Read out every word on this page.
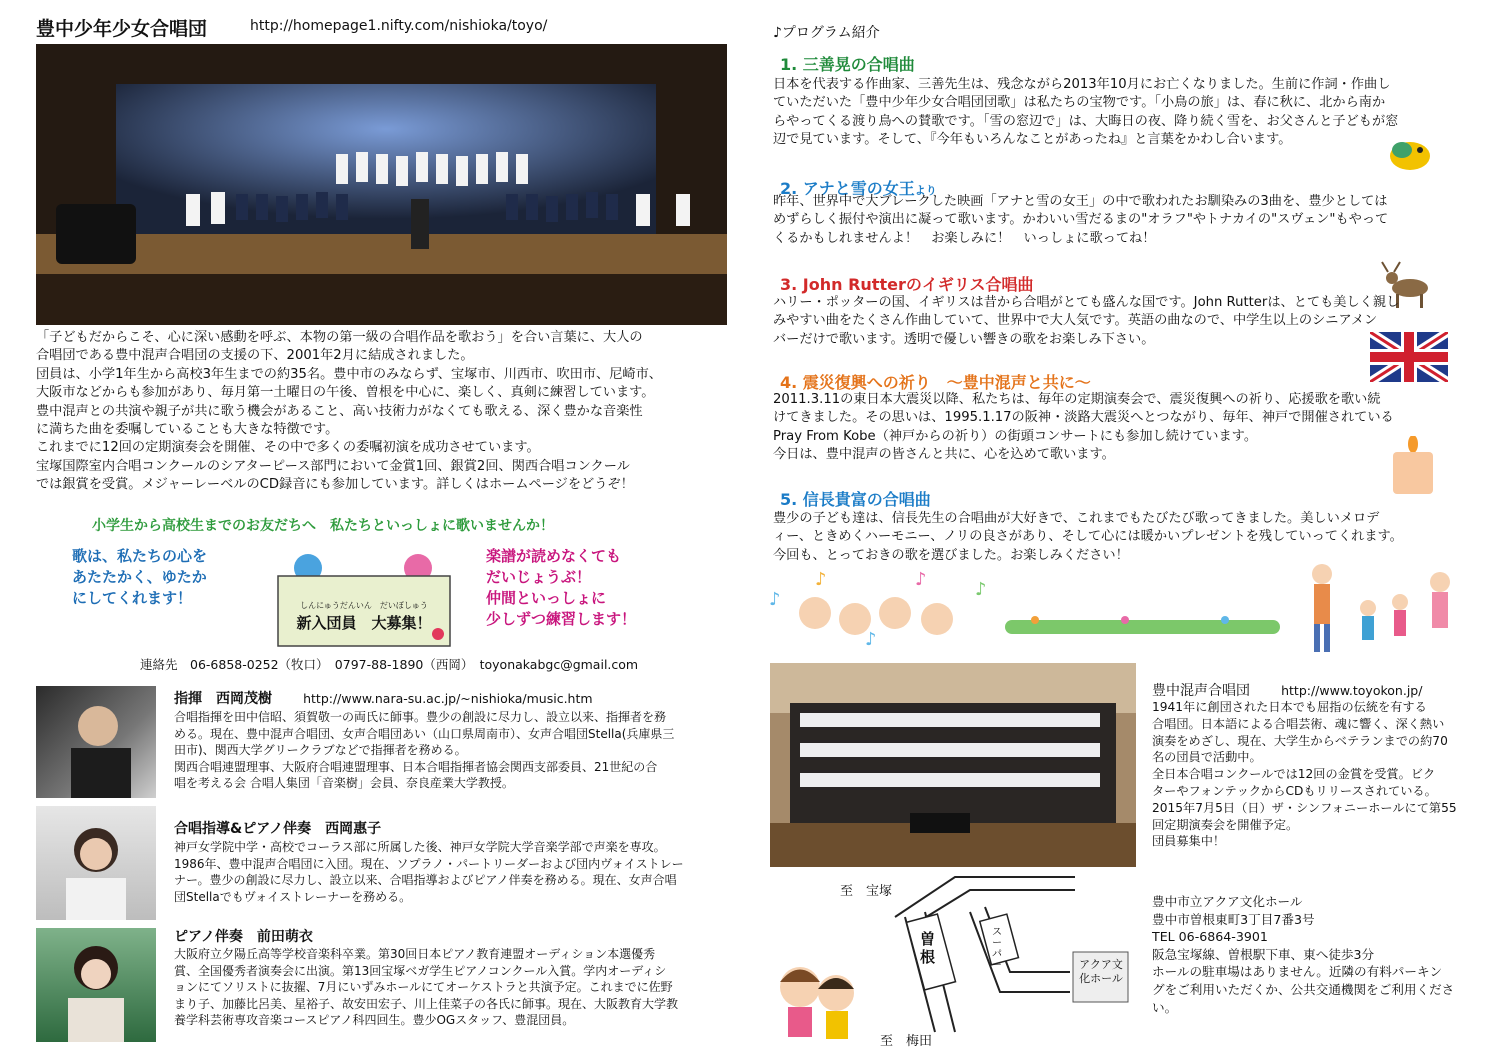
豊中少年少女合唱団	http://homepage1.nifty.com/nishioka/toyo/
「子どもだからこそ、心に深い感動を呼ぶ、本物の第一級の合唱作品を歌おう」を合い言葉に、大人の
合唱団である豊中混声合唱団の支援の下、2001年2月に結成されました。
団員は、小学1年生から高校3年生までの約35名。豊中市のみならず、宝塚市、川西市、吹田市、尼崎市、
大阪市などからも参加があり、毎月第一土曜日の午後、曽根を中心に、楽しく、真剣に練習しています。
豊中混声との共演や親子が共に歌う機会があること、高い技術力がなくても歌える、深く豊かな音楽性
に満ちた曲を委嘱していることも大きな特徴です。
これまでに12回の定期演奏会を開催、その中で多くの委嘱初演を成功させています。
宝塚国際室内合唱コンクールのシアターピース部門において金賞1回、銀賞2回、関西合唱コンクール
では銀賞を受賞。メジャーレーベルのCD録音にも参加しています。詳しくはホームページをどうぞ！
小学生から高校生までのお友だちへ　私たちといっしょに歌いませんか！
歌は、私たちの心を
あたたかく、ゆたか
にしてくれます！	しんにゅうだんいん　だいぼしゅう
新入団員　大募集！
楽譜が読めなくても
だいじょうぶ！
仲間といっしょに
少しずつ練習します！
連絡先　06-6858-0252（牧口）　0797-88-1890（西岡）　toyonakabgc@gmail.com
指揮　西岡茂樹 http://www.nara-su.ac.jp/~nishioka/music.htm
合唱指揮を田中信昭、須賀敬一の両氏に師事。豊少の創設に尽力し、設立以来、指揮者を務
める。現在、豊中混声合唱団、女声合唱団あい（山口県周南市）、女声合唱団Stella(兵庫県三
田市)、関西大学グリークラブなどで指揮者を務める。
関西合唱連盟理事、大阪府合唱連盟理事、日本合唱指揮者協会関西支部委員、21世紀の合
唱を考える会 合唱人集団「音楽樹」会員、奈良産業大学教授。
合唱指導&ピアノ伴奏　西岡惠子
神戸女学院中学・高校でコーラス部に所属した後、神戸女学院大学音楽学部で声楽を専攻。
1986年、豊中混声合唱団に入団。現在、ソプラノ・パートリーダーおよび団内ヴォイストレー
ナー。豊少の創設に尽力し、設立以来、合唱指導およびピアノ伴奏を務める。現在、女声合唱
団Stellaでもヴォイストレーナーを務める。
ピアノ伴奏　前田萌衣
大阪府立夕陽丘高等学校音楽科卒業。第30回日本ピアノ教育連盟オーディション本選優秀
賞、全国優秀者演奏会に出演。第13回宝塚ベガ学生ピアノコンクール入賞。学内オーディシ
ョンにてソリストに抜擢、7月にいずみホールにてオーケストラと共演予定。これまでに佐野
まり子、加藤比呂美、星裕子、故安田宏子、川上佳菜子の各氏に師事。現在、大阪教育大学教
養学科芸術専攻音楽コースピアノ科四回生。豊少OGスタッフ、豊混団員。
♪プログラム紹介
1. 三善晃の合唱曲
日本を代表する作曲家、三善先生は、残念ながら2013年10月にお亡くなりました。生前に作詞・作曲し
ていただいた「豊中少年少女合唱団団歌」は私たちの宝物です。「小鳥の旅」は、春に秋に、北から南か
らやってくる渡り鳥への賛歌です。「雪の窓辺で」は、大晦日の夜、降り続く雪を、お父さんと子どもが窓
辺で見ています。そして、『今年もいろんなことがあったね』と言葉をかわし合います。
2. アナと雪の女王より
昨年、世界中で大ブレークした映画「アナと雪の女王」の中で歌われたお馴染みの3曲を、豊少としては
めずらしく振付や演出に凝って歌います。かわいい雪だるまの"オラフ"やトナカイの"スヴェン"もやって
くるかもしれませんよ！　お楽しみに！　いっしょに歌ってね！
3. John Rutterのイギリス合唱曲
ハリー・ポッターの国、イギリスは昔から合唱がとても盛んな国です。John Rutterは、とても美しく親し
みやすい曲をたくさん作曲していて、世界中で大人気です。英語の曲なので、中学生以上のシニアメン
バーだけで歌います。透明で優しい響きの歌をお楽しみ下さい。
4. 震災復興への祈り　～豊中混声と共に～
2011.3.11の東日本大震災以降、私たちは、毎年の定期演奏会で、震災復興への祈り、応援歌を歌い続
けてきました。その思いは、1995.1.17の阪神・淡路大震災へとつながり、毎年、神戸で開催されている
Pray From Kobe（神戸からの祈り）の街頭コンサートにも参加し続けています。
今日は、豊中混声の皆さんと共に、心を込めて歌います。
5. 信長貴富の合唱曲
豊少の子ども達は、信長先生の合唱曲が大好きで、これまでもたびたび歌ってきました。美しいメロデ
ィー、ときめくハーモニー、ノリの良さがあり、そして心には暖かいプレゼントを残していってくれます。
今回も、とっておきの歌を選びました。お楽しみください！
♪
♪	♪	♪
♪
豊中混声合唱団 http://www.toyokon.jp/
1941年に創団された日本でも屈指の伝統を有する
合唱団。日本語による合唱芸術、魂に響く、深く熱い
演奏をめざし、現在、大学生からベテランまでの約70
名の団員で活動中。
全日本合唱コンクールでは12回の金賞を受賞。ビク
ターやフォンテックからCDもリリースされている。
2015年7月5日（日）ザ・シンフォニーホールにて第55
回定期演奏会を開催予定。
団員募集中！
至　宝塚
曽根
スーパー	アクア文化ホール
至　梅田
豊中市立アクア文化ホール
豊中市曽根東町3丁目7番3号
TEL 06-6864-3901
阪急宝塚線、曽根駅下車、東へ徒歩3分
ホールの駐車場はありません。近隣の有料パーキン
グをご利用いただくか、公共交通機関をご利用くださ
い。
